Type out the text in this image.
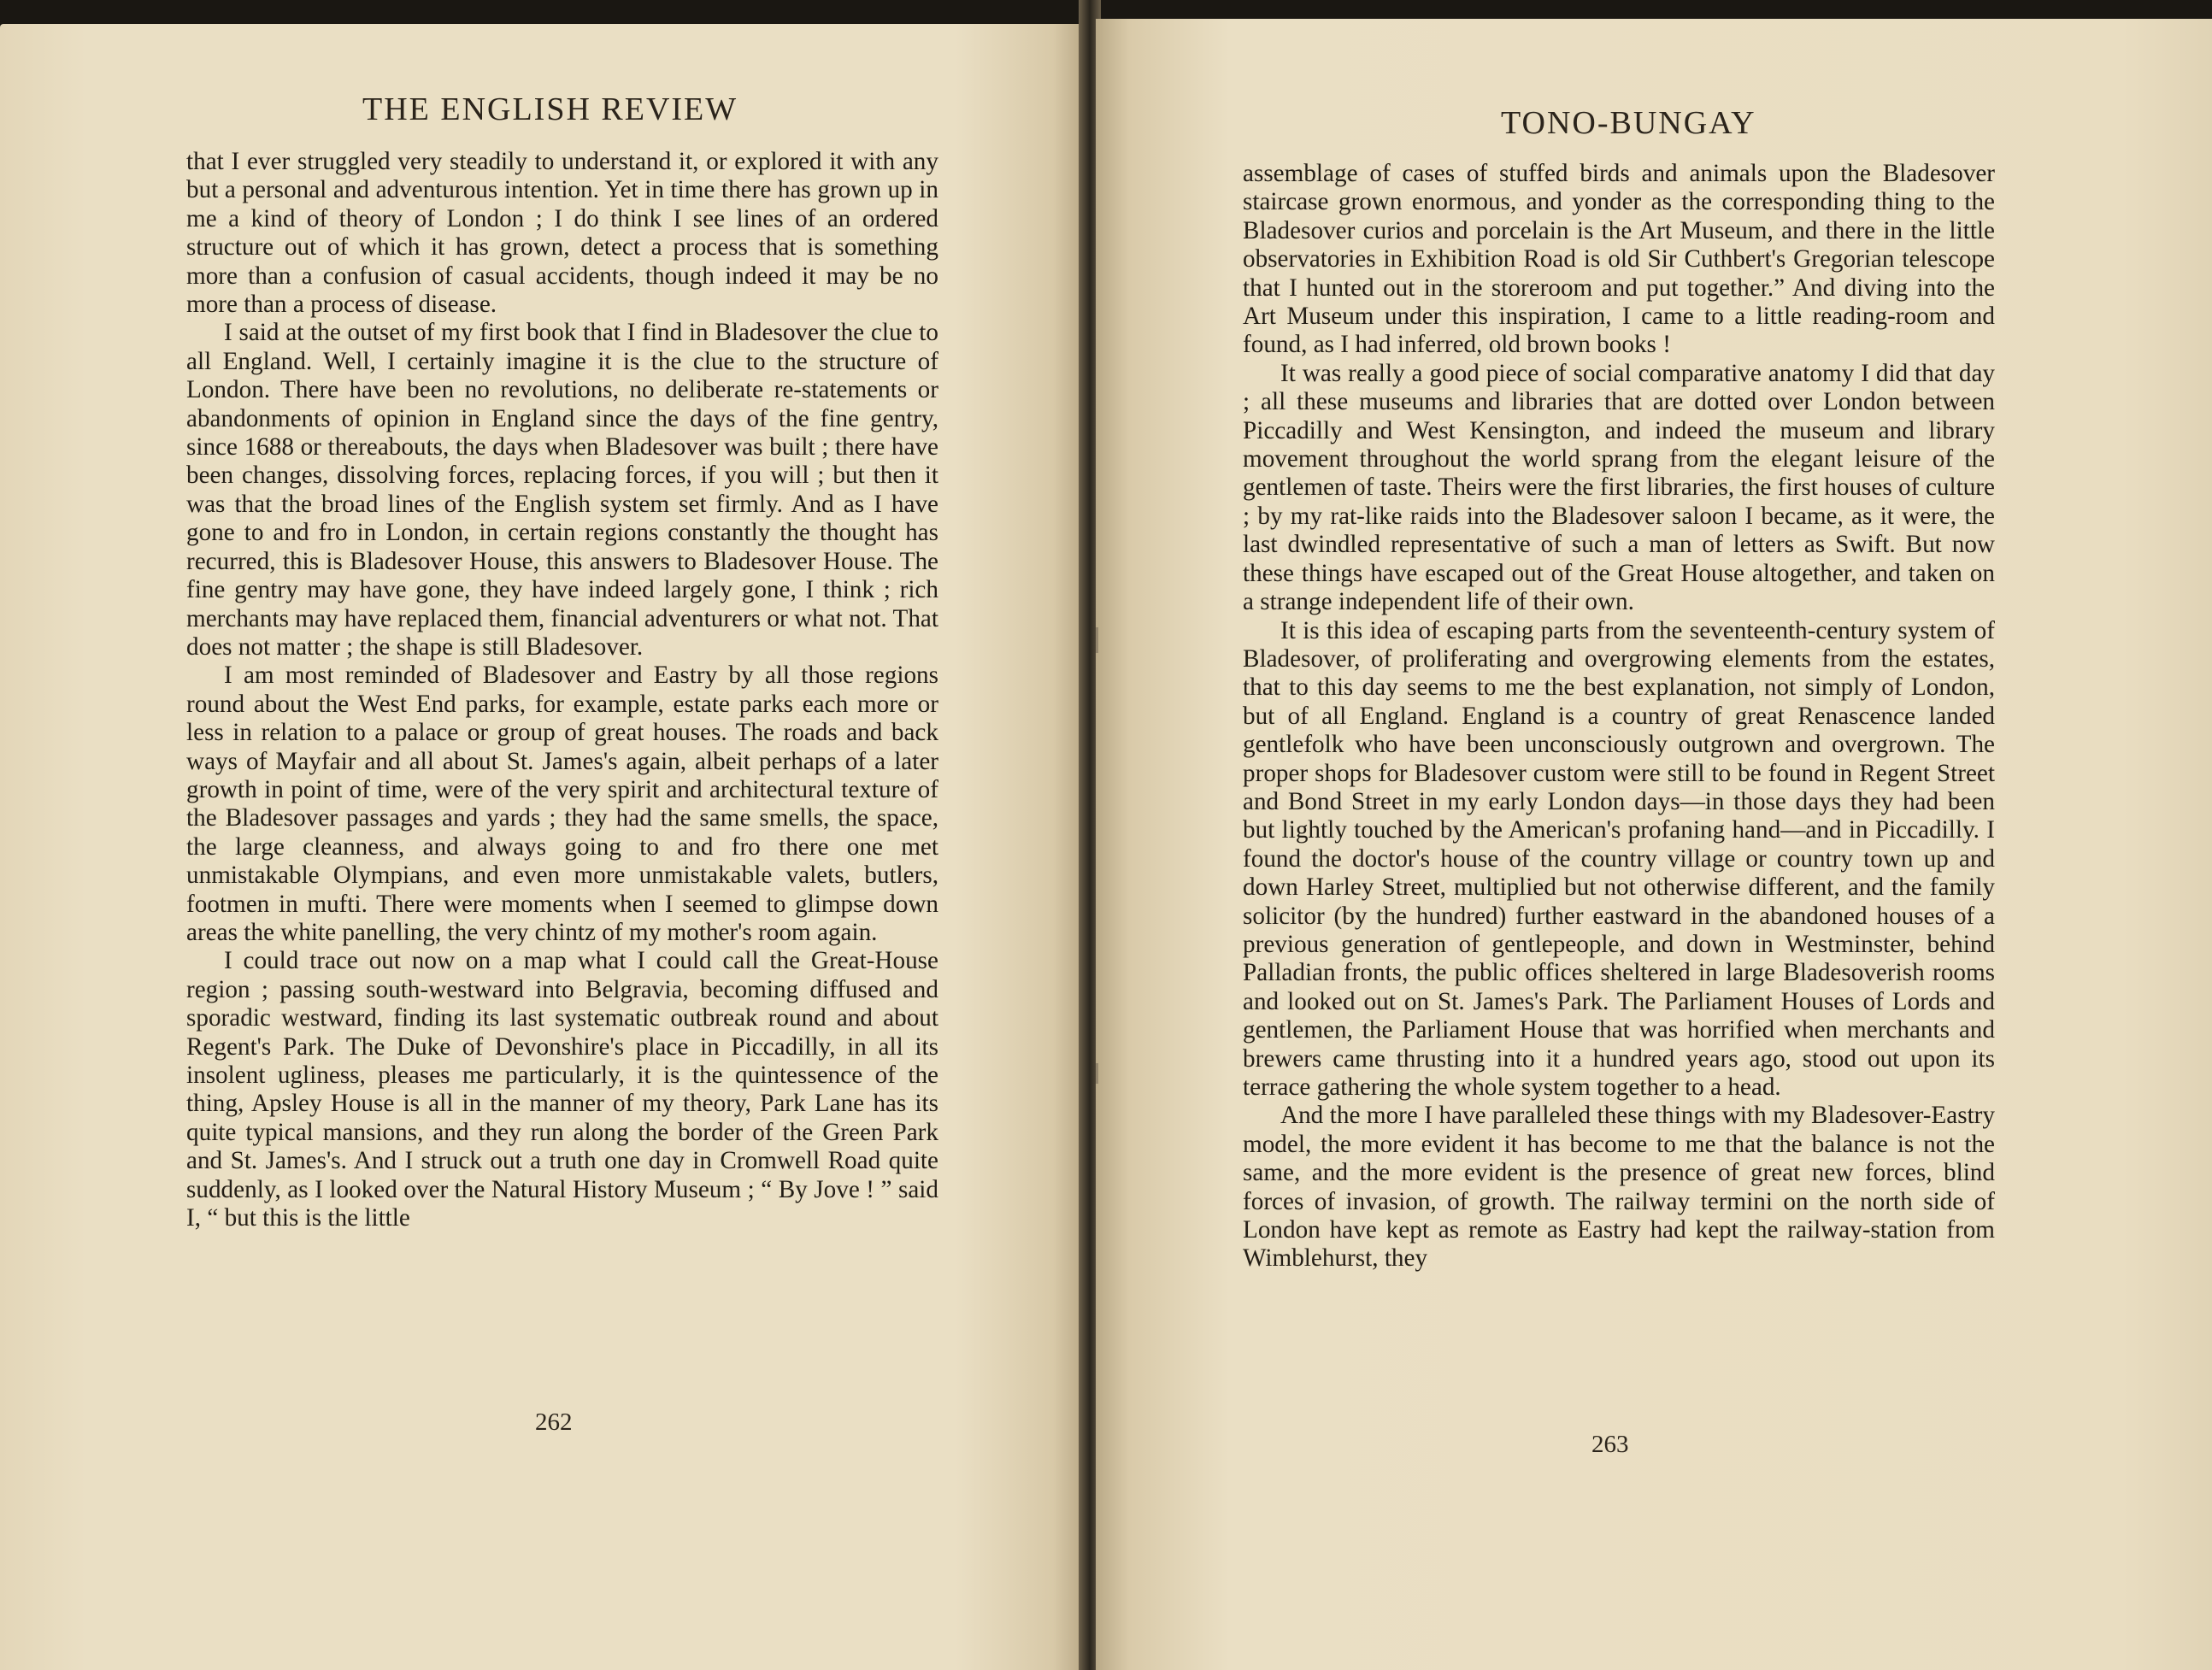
THE ENGLISH REVIEW

that I ever struggled very steadily to understand it, or explored it with any but a personal and adventurous intention. Yet in time there has grown up in me a kind of theory of London ; I do think I see lines of an ordered structure out of which it has grown, detect a process that is something more than a confusion of casual accidents, though indeed it may be no more than a process of disease.

I said at the outset of my first book that I find in Bladesover the clue to all England. Well, I certainly imagine it is the clue to the structure of London. There have been no revolutions, no deliberate re-statements or abandonments of opinion in England since the days of the fine gentry, since 1688 or thereabouts, the days when Bladesover was built ; there have been changes, dissolving forces, replacing forces, if you will ; but then it was that the broad lines of the English system set firmly. And as I have gone to and fro in London, in certain regions constantly the thought has recurred, this is Bladesover House, this answers to Bladesover House. The fine gentry may have gone, they have indeed largely gone, I think ; rich merchants may have replaced them, financial adventurers or what not. That does not matter ; the shape is still Bladesover.

I am most reminded of Bladesover and Eastry by all those regions round about the West End parks, for example, estate parks each more or less in relation to a palace or group of great houses. The roads and back ways of Mayfair and all about St. James's again, albeit perhaps of a later growth in point of time, were of the very spirit and architectural texture of the Bladesover passages and yards ; they had the same smells, the space, the large cleanness, and always going to and fro there one met unmistakable Olympians, and even more unmistakable valets, butlers, footmen in mufti. There were moments when I seemed to glimpse down areas the white panelling, the very chintz of my mother's room again.

I could trace out now on a map what I could call the Great-House region ; passing south-westward into Belgravia, becoming diffused and sporadic westward, finding its last systematic outbreak round and about Regent's Park. The Duke of Devonshire's place in Piccadilly, in all its insolent ugliness, pleases me particularly, it is the quintessence of the thing, Apsley House is all in the manner of my theory, Park Lane has its quite typical mansions, and they run along the border of the Green Park and St. James's. And I struck out a truth one day in Cromwell Road quite suddenly, as I looked over the Natural History Museum ; “ By Jove ! ” said I, “ but this is the little

262
TONO-BUNGAY

assemblage of cases of stuffed birds and animals upon the Bladesover staircase grown enormous, and yonder as the corresponding thing to the Bladesover curios and porcelain is the Art Museum, and there in the little observatories in Exhibition Road is old Sir Cuthbert's Gregorian telescope that I hunted out in the storeroom and put together.” And diving into the Art Museum under this inspiration, I came to a little reading-room and found, as I had inferred, old brown books !

It was really a good piece of social comparative anatomy I did that day ; all these museums and libraries that are dotted over London between Piccadilly and West Kensington, and indeed the museum and library movement throughout the world sprang from the elegant leisure of the gentlemen of taste. Theirs were the first libraries, the first houses of culture ; by my rat-like raids into the Bladesover saloon I became, as it were, the last dwindled representative of such a man of letters as Swift. But now these things have escaped out of the Great House altogether, and taken on a strange independent life of their own.

It is this idea of escaping parts from the seventeenth-century system of Bladesover, of proliferating and overgrowing elements from the estates, that to this day seems to me the best explanation, not simply of London, but of all England. England is a country of great Renascence landed gentlefolk who have been unconsciously outgrown and overgrown. The proper shops for Bladesover custom were still to be found in Regent Street and Bond Street in my early London days—in those days they had been but lightly touched by the American's profaning hand—and in Piccadilly. I found the doctor's house of the country village or country town up and down Harley Street, multiplied but not otherwise different, and the family solicitor (by the hundred) further eastward in the abandoned houses of a previous generation of gentlepeople, and down in Westminster, behind Palladian fronts, the public offices sheltered in large Bladesoverish rooms and looked out on St. James's Park. The Parliament Houses of Lords and gentlemen, the Parliament House that was horrified when merchants and brewers came thrusting into it a hundred years ago, stood out upon its terrace gathering the whole system together to a head.

And the more I have paralleled these things with my Bladesover-Eastry model, the more evident it has become to me that the balance is not the same, and the more evident is the presence of great new forces, blind forces of invasion, of growth. The railway termini on the north side of London have kept as remote as Eastry had kept the railway-station from Wimblehurst, they

263
